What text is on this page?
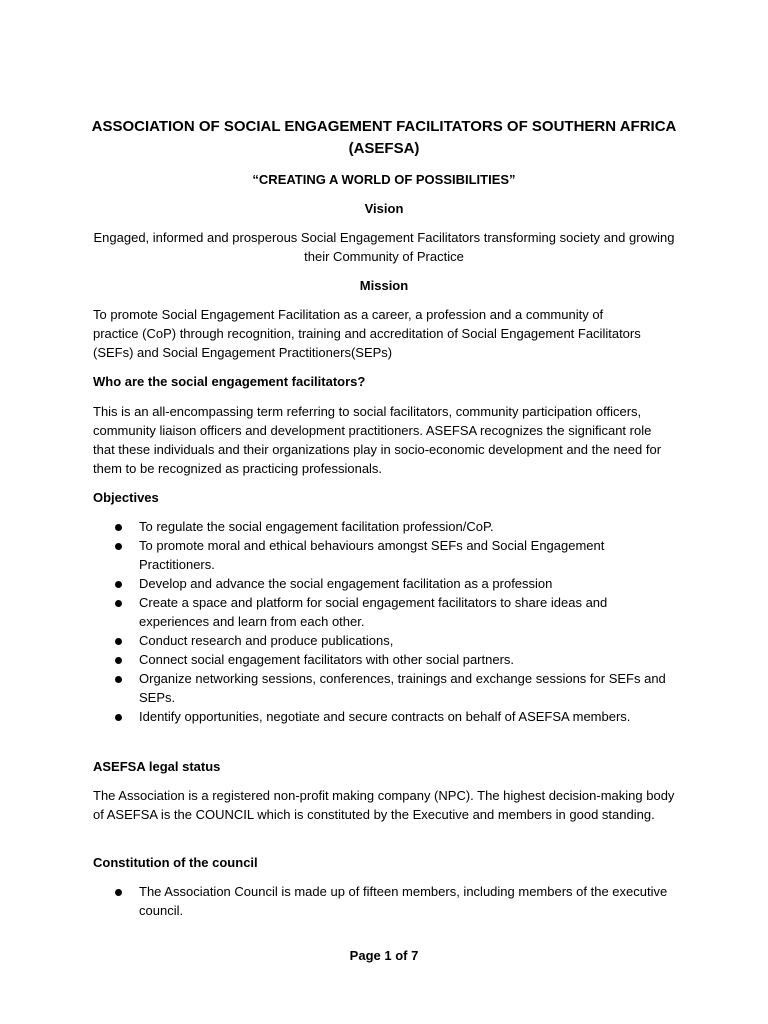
ASSOCIATION OF SOCIAL ENGAGEMENT FACILITATORS OF SOUTHERN AFRICA (ASEFSA)

“CREATING A WORLD OF POSSIBILITIES”

Vision

Engaged, informed and prosperous Social Engagement Facilitators transforming society and growing their Community of Practice

Mission

To promote Social Engagement Facilitation as a career, a profession and a community of practice (CoP) through recognition, training and accreditation of Social Engagement Facilitators (SEFs) and Social Engagement Practitioners(SEPs)

Who are the social engagement facilitators?

This is an all-encompassing term referring to social facilitators, community participation officers, community liaison officers and development practitioners. ASEFSA recognizes the significant role that these individuals and their organizations play in socio-economic development and the need for them to be recognized as practicing professionals.

Objectives

To regulate the social engagement facilitation profession/CoP.
To promote moral and ethical behaviours amongst SEFs and Social Engagement Practitioners.
Develop and advance the social engagement facilitation as a profession
Create a space and platform for social engagement facilitators to share ideas and experiences and learn from each other.
Conduct research and produce publications,
Connect social engagement facilitators with other social partners.
Organize networking sessions, conferences, trainings and exchange sessions for SEFs and SEPs.
Identify opportunities, negotiate and secure contracts on behalf of ASEFSA members.

ASEFSA legal status

The Association is a registered non-profit making company (NPC). The highest decision-making body of ASEFSA is the COUNCIL which is constituted by the Executive and members in good standing.

Constitution of the council

The Association Council is made up of fifteen members, including members of the executive council.
Page 1 of 7
